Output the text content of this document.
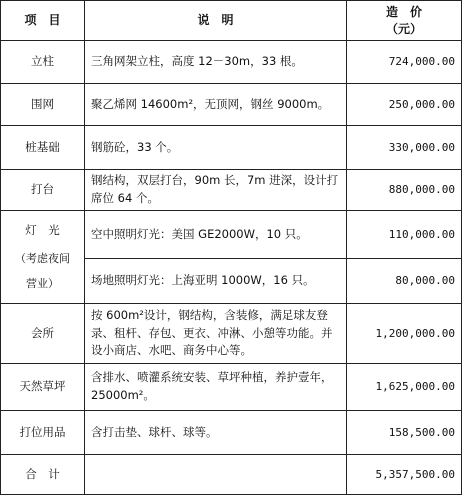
项　目	说　明	造　价
（元）

立柱	三角网架立柱，高度 12－30m，33 根。	724,000.00
围网	聚乙烯网 14600m²，无顶网，钢丝 9000m。	250,000.00
桩基础	钢筋砼，33 个。	330,000.00
打台	钢结构，双层打台，90m 长，7m 进深，设计打席位 64 个。	880,000.00

灯　光
（考虑夜间
营业）	空中照明灯光：美国 GE2000W，10 只。	110,000.00
	场地照明灯光：上海亚明 1000W，16 只。	80,000.00
会所	按 600m²设计，钢结构，含装修，满足球友登录、租杆、存包、更衣、冲淋、小憩等功能。并设小商店、水吧、商务中心等。	1,200,000.00
天然草坪	含排水、喷灌系统安装、草坪种植，养护壹年，25000m²。	1,625,000.00
打位用品	含打击垫、球杆、球等。	158,500.00
合　计		5,357,500.00
